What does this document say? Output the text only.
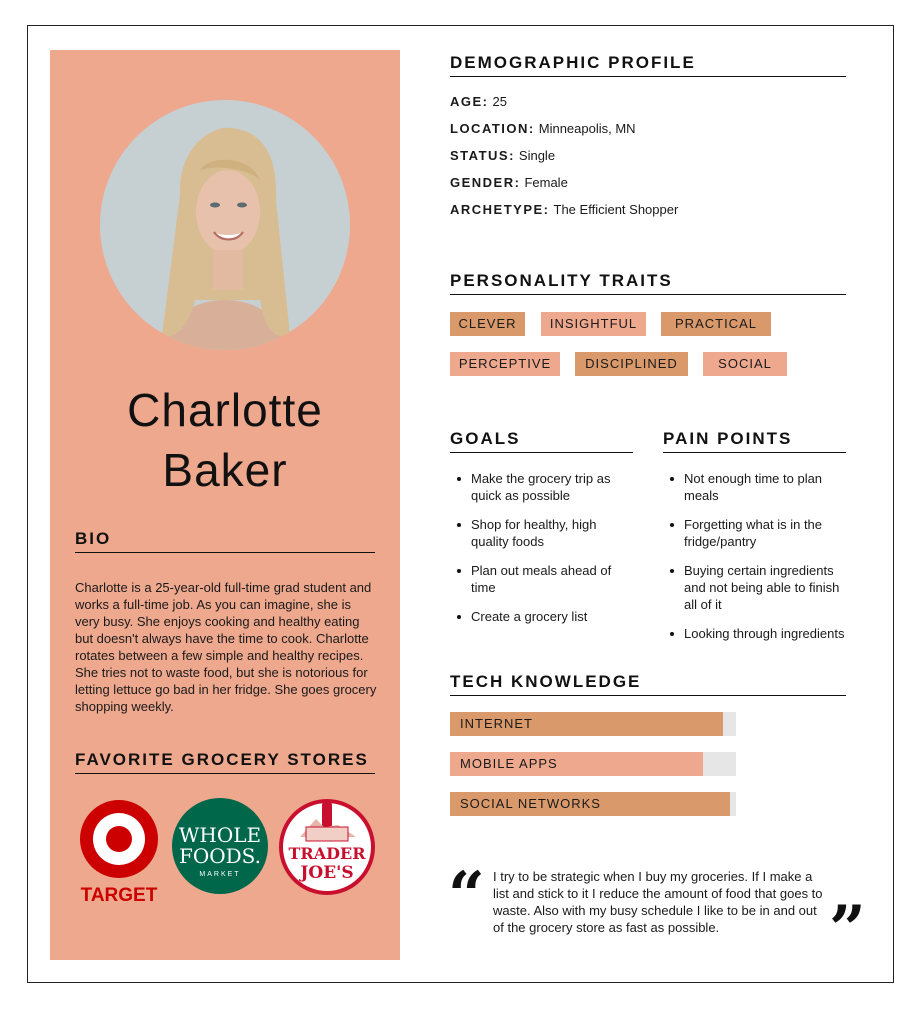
Charlotte
Baker
BIO
Charlotte is a 25-year-old full-time grad student and works a full-time job. As you can imagine, she is very busy. She enjoys cooking and healthy eating but doesn't always have the time to cook. Charlotte rotates between a few simple and healthy recipes. She tries not to waste food, but she is notorious for letting lettuce go bad in her fridge. She goes grocery shopping weekly.
FAVORITE GROCERY STORES
TARGET
WHOLE
FOODS.
MARKET
TRADER
JOE'S
DEMOGRAPHIC PROFILE
AGE: 25
LOCATION: Minneapolis, MN
STATUS: Single
GENDER: Female
ARCHETYPE: The Efficient Shopper
PERSONALITY TRAITS
CLEVER	INSIGHTFUL	PRACTICAL
PERCEPTIVE	DISCIPLINED	SOCIAL
GOALS
Make the grocery trip as quick as possible
Shop for healthy, high quality foods
Plan out meals ahead of time
Create a grocery list
PAIN POINTS
Not enough time to plan meals
Forgetting what is in the fridge/pantry
Buying certain ingredients and not being able to finish all of it
Looking through ingredients
TECH KNOWLEDGE
INTERNET
MOBILE APPS
SOCIAL NETWORKS
“ I try to be strategic when I buy my groceries. If I make a list and stick to it I reduce the amount of food that goes to waste. Also with my busy schedule I like to be in and out of the grocery store as fast as possible.	”
